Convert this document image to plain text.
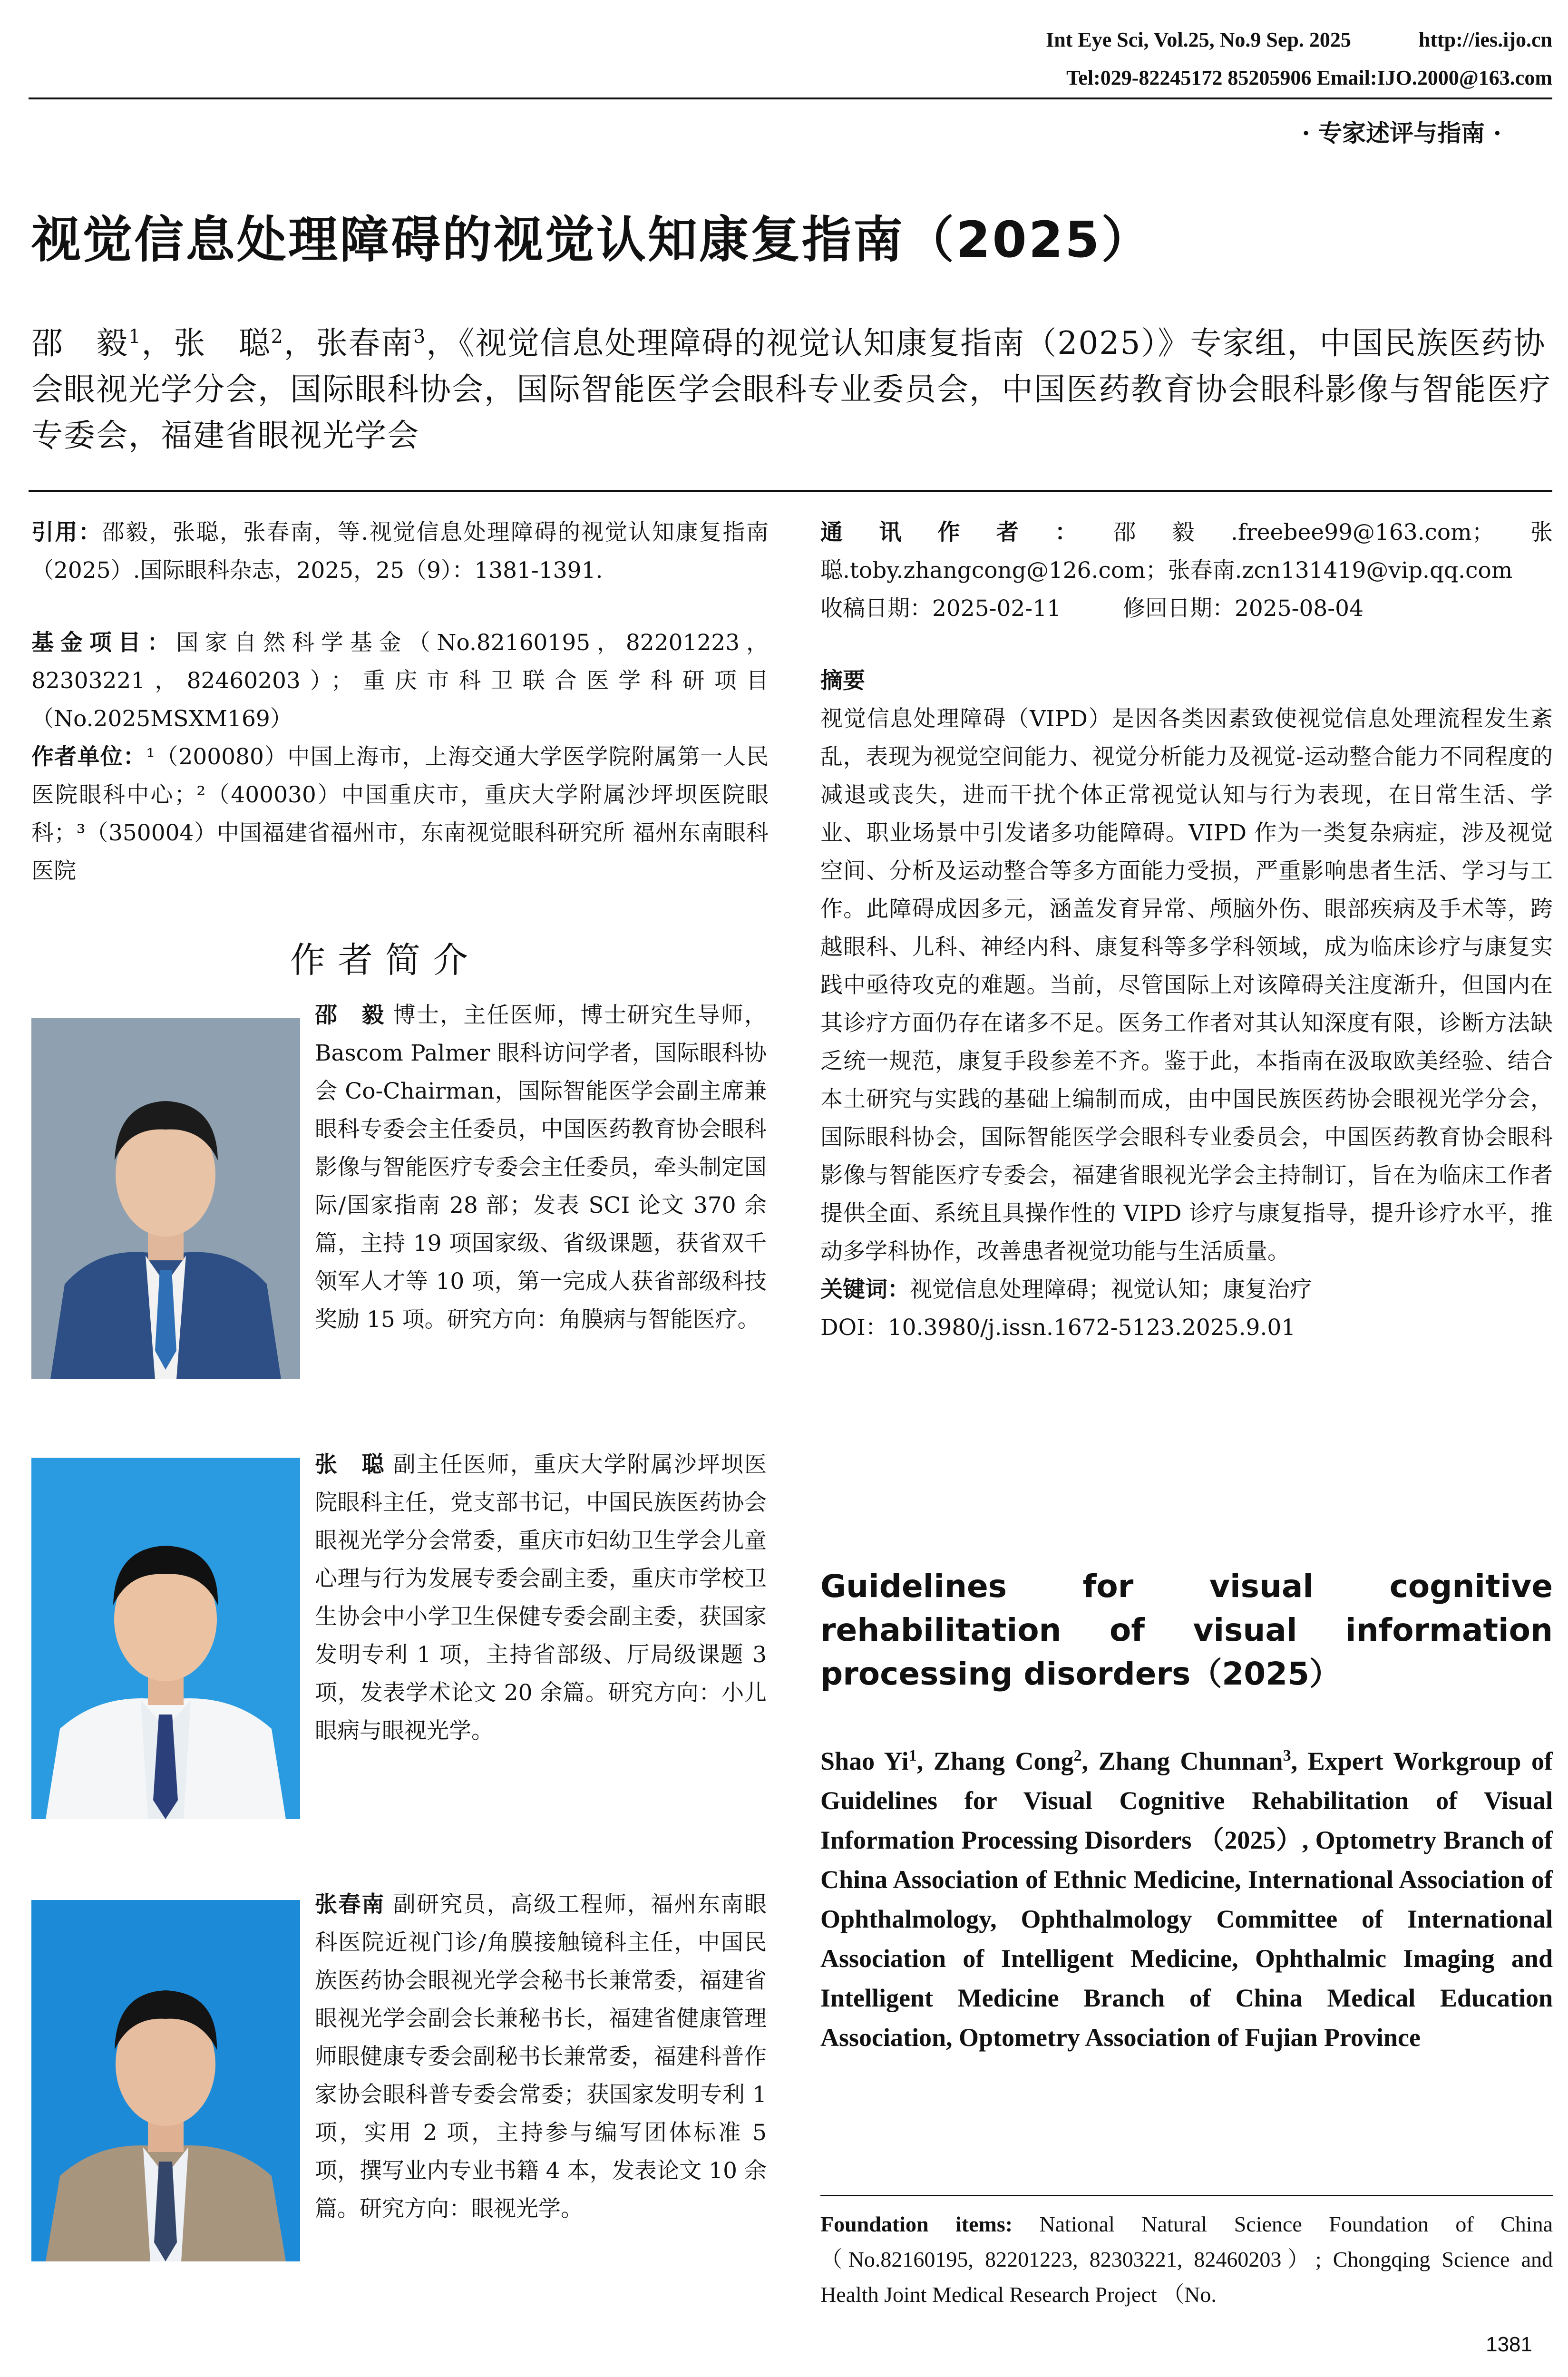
Int Eye Sci, Vol.25, No.9 Sep. 2025	http://ies.ijo.cn
Tel:029-82245172 85205906 Email:IJO.2000@163.com
· 专家述评与指南 ·
视觉信息处理障碍的视觉认知康复指南（2025）
邵　毅$^1$，张　聪$^2$，张春南$^3$，《视觉信息处理障碍的视觉认知康复指南（2025）》专家组，中国民族医药协会眼视光学分会，国际眼科协会，国际智能医学会眼科专业委员会，中国医药教育协会眼科影像与智能医疗专委会，福建省眼视光学会

引用：邵毅，张聪，张春南，等.视觉信息处理障碍的视觉认知康复指南（2025）.国际眼科杂志，2025，25（9）：1381-1391.

基金项目：国家自然科学基金（No.82160195，82201223，82303221，82460203）；重庆市科卫联合医学科研项目（No.2025MSXM169）

作者单位：¹（200080）中国上海市，上海交通大学医学院附属第一人民医院眼科中心；²（400030）中国重庆市，重庆大学附属沙坪坝医院眼科；³（350004）中国福建省福州市，东南视觉眼科研究所 福州东南眼科医院

作者简介
邵　毅 博士，主任医师，博士研究生导师，Bascom Palmer 眼科访问学者，国际眼科协会 Co-Chairman，国际智能医学会副主席兼眼科专委会主任委员，中国医药教育协会眼科影像与智能医疗专委会主任委员，牵头制定国际/国家指南 28 部；发表 SCI 论文 370 余篇，主持 19 项国家级、省级课题，获省双千领军人才等 10 项，第一完成人获省部级科技奖励 15 项。研究方向：角膜病与智能医疗。
张　聪 副主任医师，重庆大学附属沙坪坝医院眼科主任，党支部书记，中国民族医药协会眼视光学分会常委，重庆市妇幼卫生学会儿童心理与行为发展专委会副主委，重庆市学校卫生协会中小学卫生保健专委会副主委，获国家发明专利 1 项，主持省部级、厅局级课题 3 项，发表学术论文 20 余篇。研究方向：小儿眼病与眼视光学。
张春南 副研究员，高级工程师，福州东南眼科医院近视门诊/角膜接触镜科主任，中国民族医药协会眼视光学会秘书长兼常委，福建省眼视光学会副会长兼秘书长，福建省健康管理师眼健康专委会副秘书长兼常委，福建科普作家协会眼科普专委会常委；获国家发明专利 1 项，实用 2 项，主持参与编写团体标准 5 项，撰写业内专业书籍 4 本，发表论文 10 余篇。研究方向：眼视光学。

通讯作者：邵毅.freebee99@163.com；张聪.toby.zhangcong@126.com；张春南.zcn131419@vip.qq.com

收稿日期：2025-02-11	修回日期：2025-08-04

摘要

视觉信息处理障碍（VIPD）是因各类因素致使视觉信息处理流程发生紊乱，表现为视觉空间能力、视觉分析能力及视觉-运动整合能力不同程度的减退或丧失，进而干扰个体正常视觉认知与行为表现，在日常生活、学业、职业场景中引发诸多功能障碍。VIPD 作为一类复杂病症，涉及视觉空间、分析及运动整合等多方面能力受损，严重影响患者生活、学习与工作。此障碍成因多元，涵盖发育异常、颅脑外伤、眼部疾病及手术等，跨越眼科、儿科、神经内科、康复科等多学科领域，成为临床诊疗与康复实践中亟待攻克的难题。当前，尽管国际上对该障碍关注度渐升，但国内在其诊疗方面仍存在诸多不足。医务工作者对其认知深度有限，诊断方法缺乏统一规范，康复手段参差不齐。鉴于此，本指南在汲取欧美经验、结合本土研究与实践的基础上编制而成，由中国民族医药协会眼视光学分会，国际眼科协会，国际智能医学会眼科专业委员会，中国医药教育协会眼科影像与智能医疗专委会，福建省眼视光学会主持制订，旨在为临床工作者提供全面、系统且具操作性的 VIPD 诊疗与康复指导，提升诊疗水平，推动多学科协作，改善患者视觉功能与生活质量。

关键词：视觉信息处理障碍；视觉认知；康复治疗

DOI：10.3980/j.issn.1672-5123.2025.9.01

Guidelines for visual cognitive rehabilitation of visual information processing disorders（2025）
Shao Yi$^1$, Zhang Cong$^2$, Zhang Chunnan$^3$, Expert Workgroup of Guidelines for Visual Cognitive Rehabilitation of Visual Information Processing Disorders （2025）, Optometry Branch of China Association of Ethnic Medicine, International Association of Ophthalmology, Ophthalmology Committee of International Association of Intelligent Medicine, Ophthalmic Imaging and Intelligent Medicine Branch of China Medical Education Association, Optometry Association of Fujian Province
Foundation items: National Natural Science Foundation of China （No.82160195, 82201223, 82303221, 82460203）; Chongqing Science and Health Joint Medical Research Project （No.
1381
